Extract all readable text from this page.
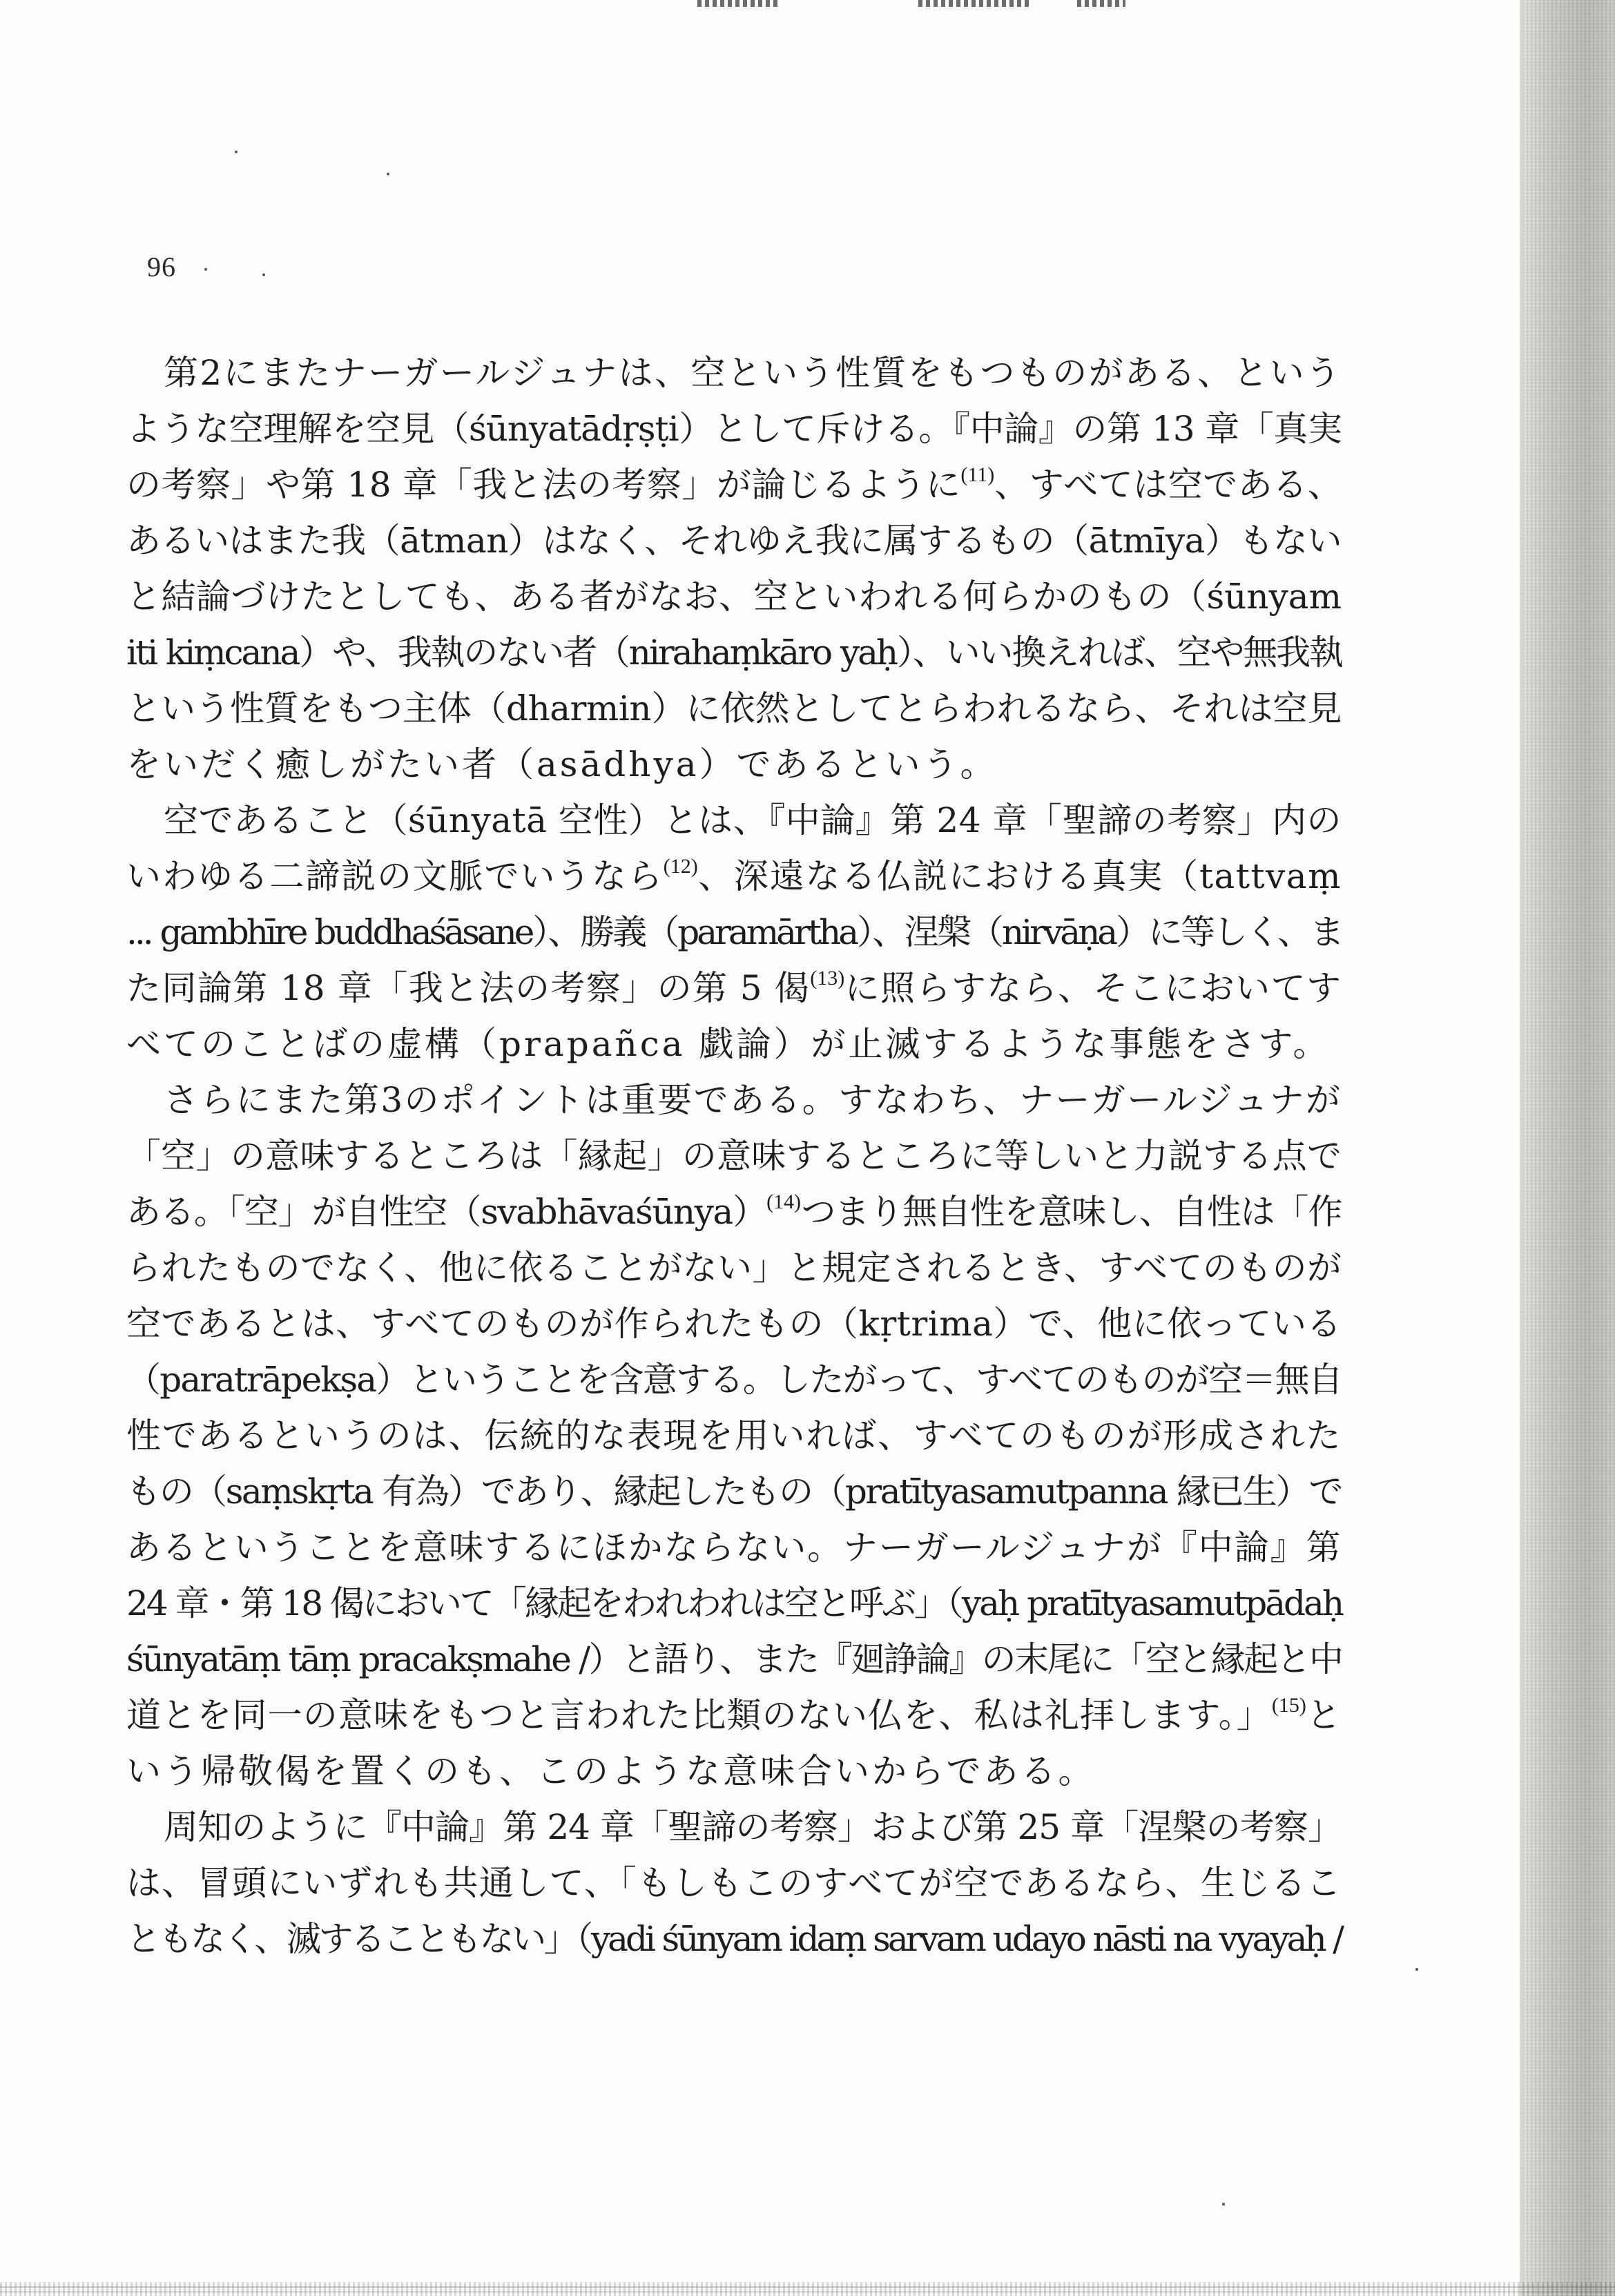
96
第2にまたナーガールジュナは、空という性質をもつものがある、という
ような空理解を空見（śūnyatādṛṣṭi）として斥ける。『中論』の第 13 章「真実
の考察」や第 18 章「我と法の考察」が論じるように$^{(11)}$、すべては空である、
あるいはまた我（ātman）はなく、それゆえ我に属するもの（ātmīya）もない
と結論づけたとしても、ある者がなお、空といわれる何らかのもの（śūnyam
iti kiṃcana）や、我執のない者（nirahaṃkāro yaḥ）、いい換えれば、空や無我執
という性質をもつ主体（dharmin）に依然としてとらわれるなら、それは空見
をいだく癒しがたい者（asādhya）であるという。
空であること（śūnyatā 空性）とは、『中論』第 24 章「聖諦の考察」内の
いわゆる二諦説の文脈でいうなら$^{(12)}$、深遠なる仏説における真実（tattvaṃ
... gambhīre buddhaśāsane）、勝義（paramārtha）、涅槃（nirvāṇa）に等しく、ま
た同論第 18 章「我と法の考察」の第 5 偈$^{(13)}$に照らすなら、そこにおいてす
べてのことばの虚構（prapañca 戯論）が止滅するような事態をさす。
さらにまた第3のポイントは重要である。すなわち、ナーガールジュナが
「空」の意味するところは「縁起」の意味するところに等しいと力説する点で
ある。「空」が自性空（svabhāvaśūnya）$^{(14)}$つまり無自性を意味し、自性は「作
られたものでなく、他に依ることがない」と規定されるとき、すべてのものが
空であるとは、すべてのものが作られたもの（kṛtrima）で、他に依っている
（paratrāpekṣa）ということを含意する。したがって、すべてのものが空＝無自
性であるというのは、伝統的な表現を用いれば、すべてのものが形成された
もの（saṃskṛta 有為）であり、縁起したもの（pratītyasamutpanna 縁已生）で
あるということを意味するにほかならない。ナーガールジュナが『中論』第
24 章・第 18 偈において「縁起をわれわれは空と呼ぶ」（yaḥ pratītyasamutpādaḥ
śūnyatāṃ tāṃ pracakṣmahe /）と語り、また『廻諍論』の末尾に「空と縁起と中
道とを同一の意味をもつと言われた比類のない仏を、私は礼拝します。」$^{(15)}$と
いう帰敬偈を置くのも、このような意味合いからである。
周知のように『中論』第 24 章「聖諦の考察」および第 25 章「涅槃の考察」
は、冒頭にいずれも共通して、「もしもこのすべてが空であるなら、生じるこ
ともなく、滅することもない」（yadi śūnyam idaṃ sarvam udayo nāsti na vyayaḥ /
